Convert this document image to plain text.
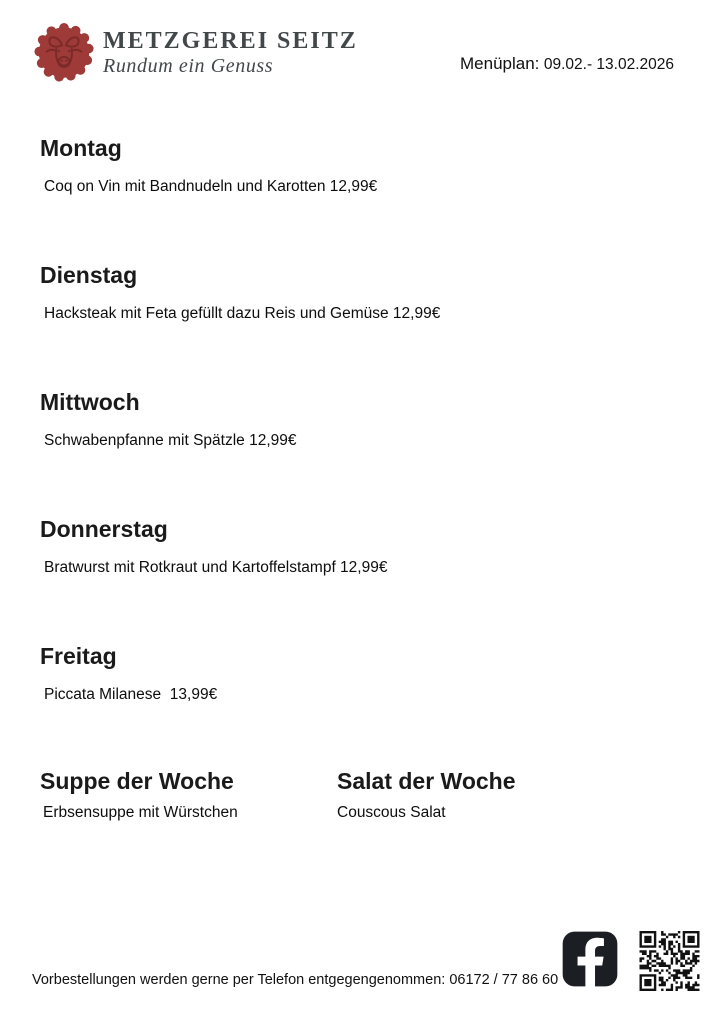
METZGEREI SEITZ
Rundum ein Genuss	Menüplan: 09.02.- 13.02.2026
Montag

Coq on Vin mit Bandnudeln und Karotten 12,99€

Dienstag

Hacksteak mit Feta gefüllt dazu Reis und Gemüse 12,99€

Mittwoch

Schwabenpfanne mit Spätzle 12,99€

Donnerstag

Bratwurst mit Rotkraut und Kartoffelstampf 12,99€

Freitag

Piccata Milanese  13,99€

Suppe der Woche

Erbsensuppe mit Würstchen

Salat der Woche

Couscous Salat

Vorbestellungen werden gerne per Telefon entgegengenommen: 06172 / 77 86 60
